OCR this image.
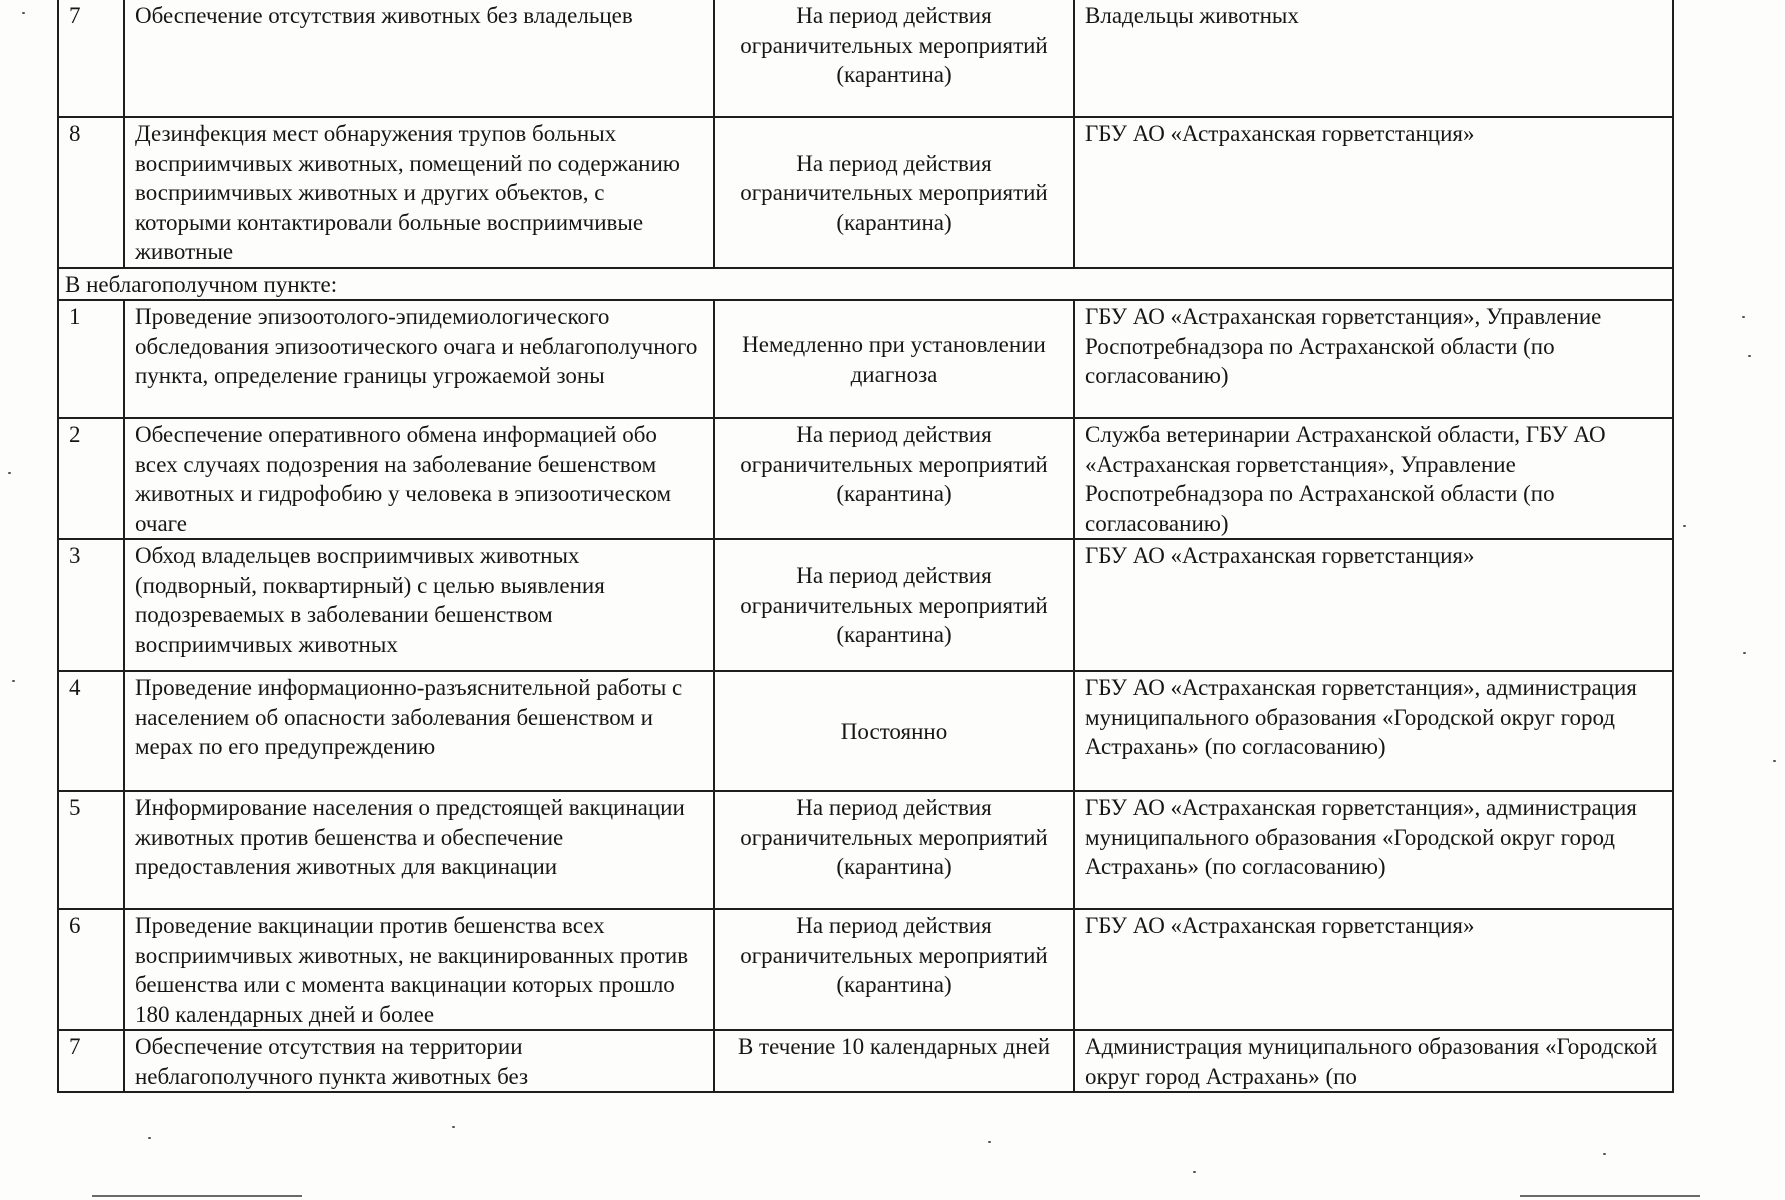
7	Обеспечение отсутствия животных без владельцев	На период действия ограничительных мероприятий (карантина)	Владельцы животных
8	Дезинфекция мест обнаружения трупов больных восприимчивых животных, помещений по содержанию восприимчивых животных и других объектов, с которыми контактировали больные восприимчивые животные	На период действия ограничительных мероприятий (карантина)	ГБУ АО «Астраханская горветстанция»
В неблагополучном пункте:			
1	Проведение эпизоотолого-эпидемиологического обследования эпизоотического очага и неблагополучного пункта, определение границы угрожаемой зоны	Немедленно при установлении диагноза	ГБУ АО «Астраханская горветстанция», Управление Роспотребнадзора по Астраханской области (по согласованию)
2	Обеспечение оперативного обмена информацией обо всех случаях подозрения на заболевание бешенством животных и гидрофобию у человека в эпизоотическом очаге	На период действия ограничительных мероприятий (карантина)	Служба ветеринарии Астраханской области, ГБУ АО «Астраханская горветстанция», Управление Роспотребнадзора по Астраханской области (по согласованию)
3	Обход владельцев восприимчивых животных (подворный, поквартирный) с целью выявления подозреваемых в заболевании бешенством восприимчивых животных	На период действия ограничительных мероприятий (карантина)	ГБУ АО «Астраханская горветстанция»
4	Проведение информационно-разъяснительной работы с населением об опасности заболевания бешенством и мерах по его предупреждению	Постоянно	ГБУ АО «Астраханская горветстанция», администрация муниципального образования «Городской округ город Астрахань» (по согласованию)
5	Информирование населения о предстоящей вакцинации животных против бешенства и обеспечение предоставления животных для вакцинации	На период действия ограничительных мероприятий (карантина)	ГБУ АО «Астраханская горветстанция», администрация муниципального образования «Городской округ город Астрахань» (по согласованию)
6	Проведение вакцинации против бешенства всех восприимчивых животных, не вакцинированных против бешенства или с момента вакцинации которых прошло 180 календарных дней и более	На период действия ограничительных мероприятий (карантина)	ГБУ АО «Астраханская горветстанция»
7	Обеспечение отсутствия на территории неблагополучного пункта животных без	В течение 10 календарных дней	Администрация муниципального образования «Городской округ город Астрахань» (по
